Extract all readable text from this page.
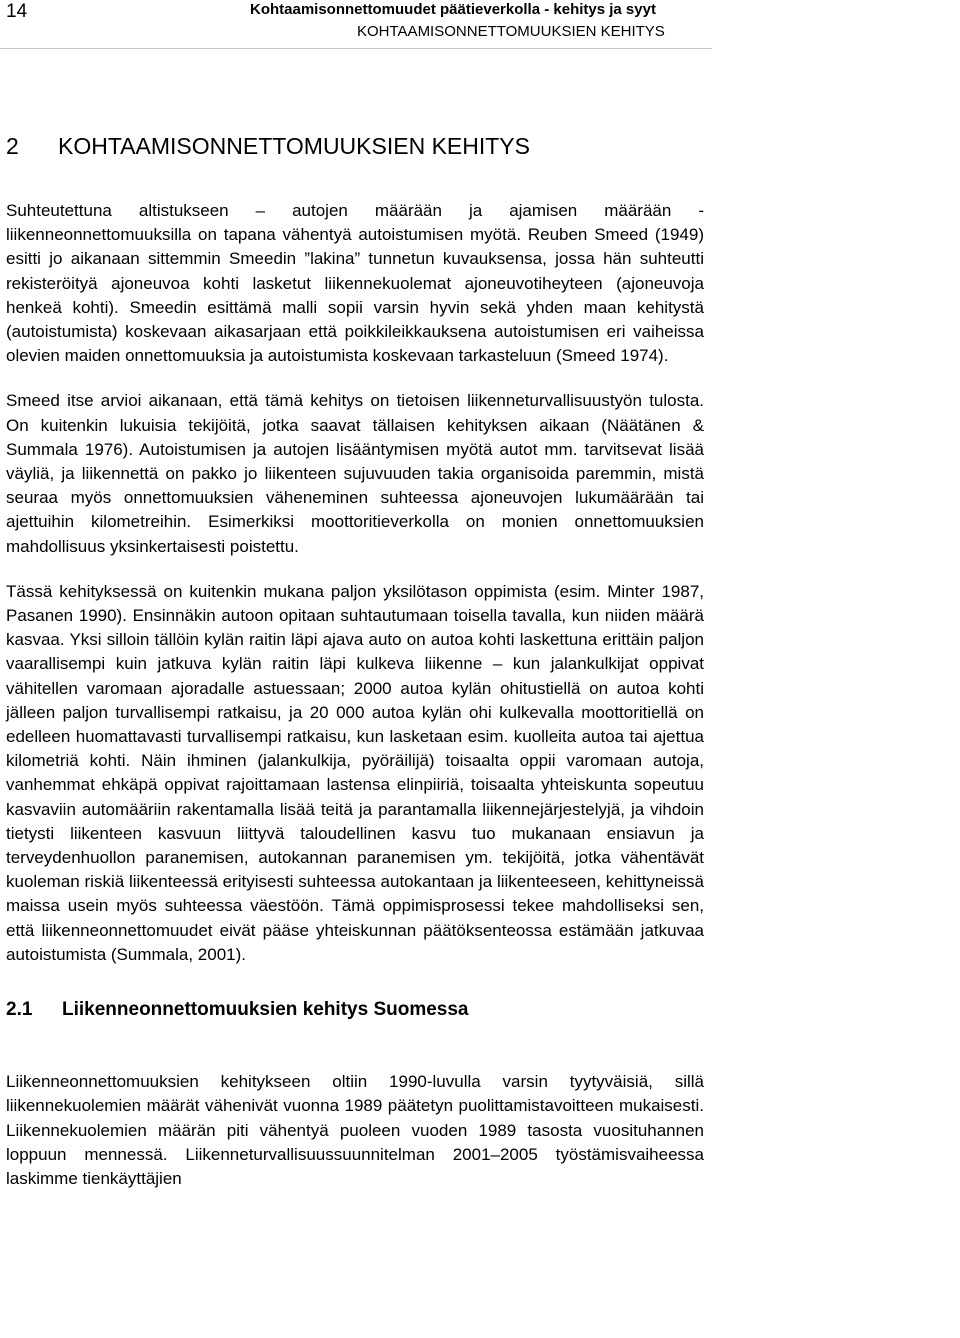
14	Kohtaamisonnettomuudet päätieverkolla - kehitys ja syyt
KOHTAAMISONNETTOMUUKSIEN KEHITYS
2 KOHTAAMISONNETTOMUUKSIEN KEHITYS

Suhteutettuna altistukseen – autojen määrään ja ajamisen määrään - liikenneonnettomuuksilla on tapana vähentyä autoistumisen myötä. Reuben Smeed (1949) esitti jo aikanaan sittemmin Smeedin ”lakina” tunnetun kuvauksensa, jossa hän suhteutti rekisteröityä ajoneuvoa kohti lasketut liikennekuolemat ajoneuvotiheyteen (ajoneuvoja henkeä kohti). Smeedin esittämä malli sopii varsin hyvin sekä yhden maan kehitystä (autoistumista) koskevaan aikasarjaan että poikkileikkauksena autoistumisen eri vaiheissa olevien maiden onnettomuuksia ja autoistumista koskevaan tarkasteluun (Smeed 1974).

Smeed itse arvioi aikanaan, että tämä kehitys on tietoisen liikenneturvallisuustyön tulosta. On kuitenkin lukuisia tekijöitä, jotka saavat tällaisen kehityksen aikaan (Näätänen & Summala 1976). Autoistumisen ja autojen lisääntymisen myötä autot mm. tarvitsevat lisää väyliä, ja liikennettä on pakko jo liikenteen sujuvuuden takia organisoida paremmin, mistä seuraa myös onnettomuuksien väheneminen suhteessa ajoneuvojen lukumäärään tai ajettuihin kilometreihin. Esimerkiksi moottoritieverkolla on monien onnettomuuksien mahdollisuus yksinkertaisesti poistettu.

Tässä kehityksessä on kuitenkin mukana paljon yksilötason oppimista (esim. Minter 1987, Pasanen 1990). Ensinnäkin autoon opitaan suhtautumaan toisella tavalla, kun niiden määrä kasvaa. Yksi silloin tällöin kylän raitin läpi ajava auto on autoa kohti laskettuna erittäin paljon vaarallisempi kuin jatkuva kylän raitin läpi kulkeva liikenne – kun jalankulkijat oppivat vähitellen varomaan ajoradalle astuessaan; 2000 autoa kylän ohitustiellä on autoa kohti jälleen paljon turvallisempi ratkaisu, ja 20 000 autoa kylän ohi kulkevalla moottoritiellä on edelleen huomattavasti turvallisempi ratkaisu, kun lasketaan esim. kuolleita autoa tai ajettua kilometriä kohti. Näin ihminen (jalankulkija, pyöräilijä) toisaalta oppii varomaan autoja, vanhemmat ehkäpä oppivat rajoittamaan lastensa elinpiiriä, toisaalta yhteiskunta sopeutuu kasvaviin automääriin rakentamalla lisää teitä ja parantamalla liikennejärjestelyjä, ja vihdoin tietysti liikenteen kasvuun liittyvä taloudellinen kasvu tuo mukanaan ensiavun ja terveydenhuollon paranemisen, autokannan paranemisen ym. tekijöitä, jotka vähentävät kuoleman riskiä liikenteessä erityisesti suhteessa autokantaan ja liikenteeseen, kehittyneissä maissa usein myös suhteessa väestöön. Tämä oppimisprosessi tekee mahdolliseksi sen, että liikenneonnettomuudet eivät pääse yhteiskunnan päätöksenteossa estämään jatkuvaa autoistumista (Summala, 2001).

2.1 Liikenneonnettomuuksien kehitys Suomessa

Liikenneonnettomuuksien kehitykseen oltiin 1990-luvulla varsin tyytyväisiä, sillä liikennekuolemien määrät vähenivät vuonna 1989 päätetyn puolittamistavoitteen mukaisesti. Liikennekuolemien määrän piti vähentyä puoleen vuoden 1989 tasosta vuosituhannen loppuun mennessä. Liikenneturvallisuussuunnitelman 2001–2005 työstämisvaiheessa laskimme tienkäyttäjien
